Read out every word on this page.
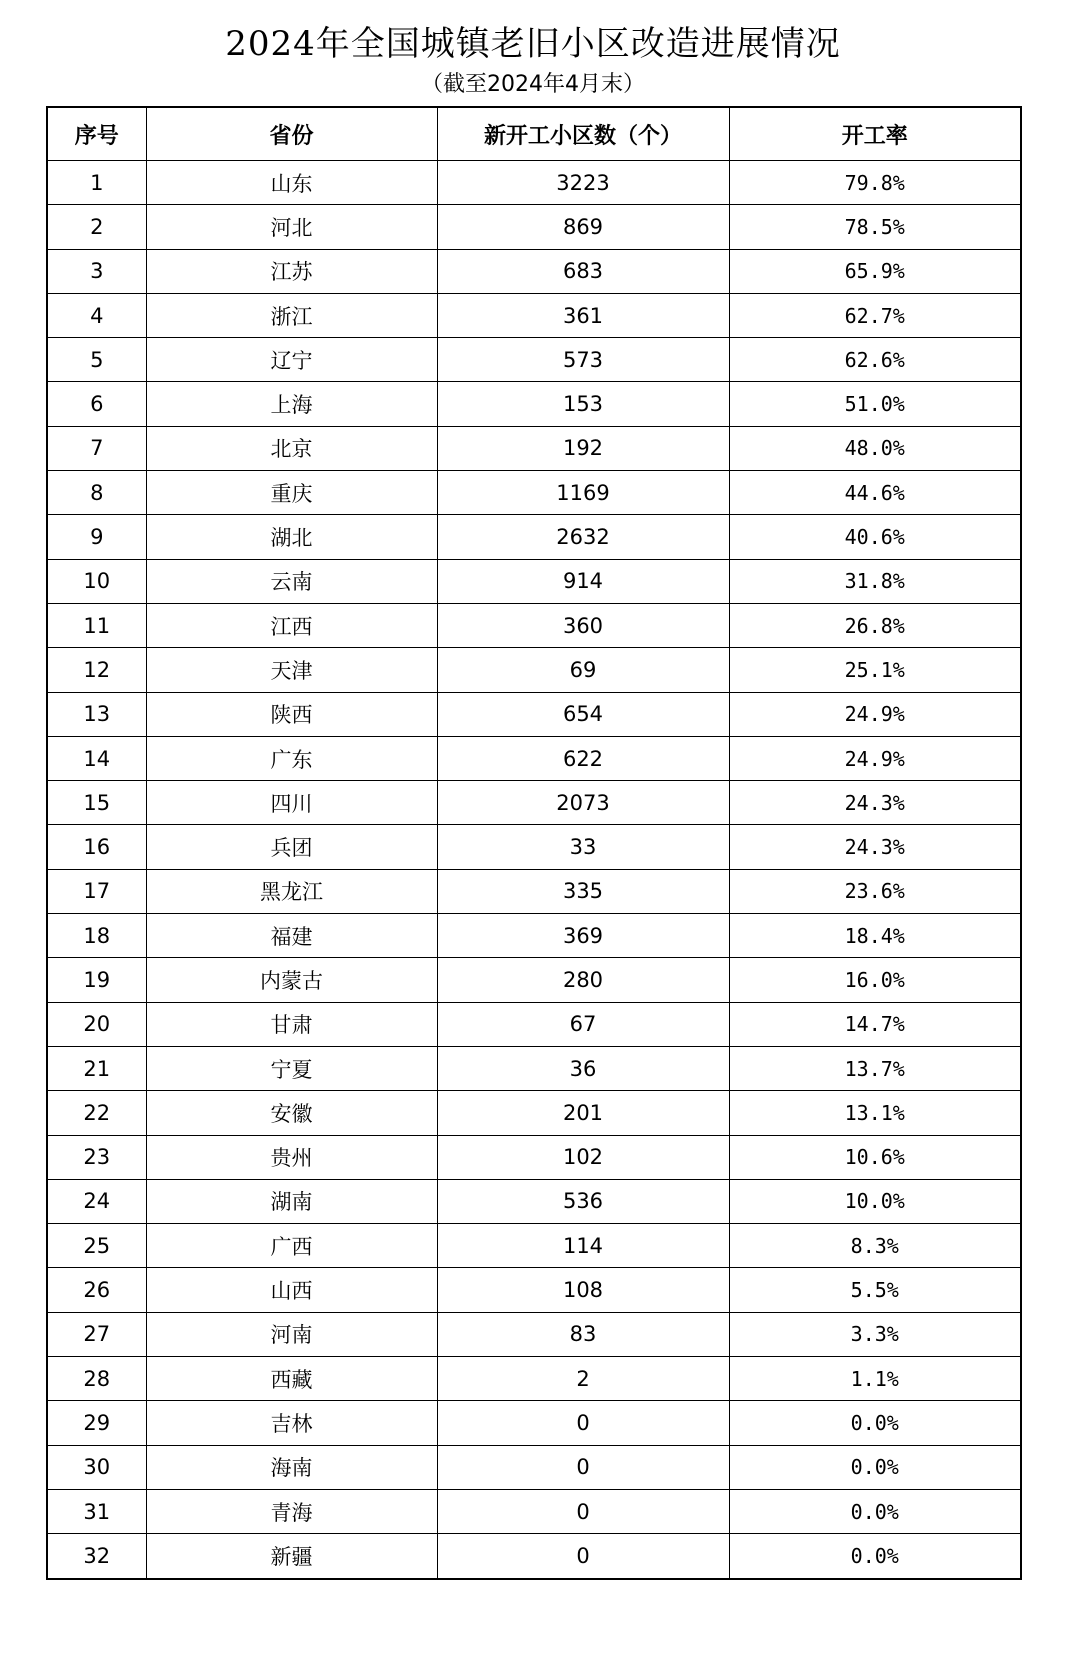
2024年全国城镇老旧小区改造进展情况
（截至2024年4月末）
序号	省份	新开工小区数（个）	开工率
1	山东	3223	79.8%
2	河北	869	78.5%
3	江苏	683	65.9%
4	浙江	361	62.7%
5	辽宁	573	62.6%
6	上海	153	51.0%
7	北京	192	48.0%
8	重庆	1169	44.6%
9	湖北	2632	40.6%
10	云南	914	31.8%
11	江西	360	26.8%
12	天津	69	25.1%
13	陕西	654	24.9%
14	广东	622	24.9%
15	四川	2073	24.3%
16	兵团	33	24.3%
17	黑龙江	335	23.6%
18	福建	369	18.4%
19	内蒙古	280	16.0%
20	甘肃	67	14.7%
21	宁夏	36	13.7%
22	安徽	201	13.1%
23	贵州	102	10.6%
24	湖南	536	10.0%
25	广西	114	8.3%
26	山西	108	5.5%
27	河南	83	3.3%
28	西藏	2	1.1%
29	吉林	0	0.0%
30	海南	0	0.0%
31	青海	0	0.0%
32	新疆	0	0.0%
